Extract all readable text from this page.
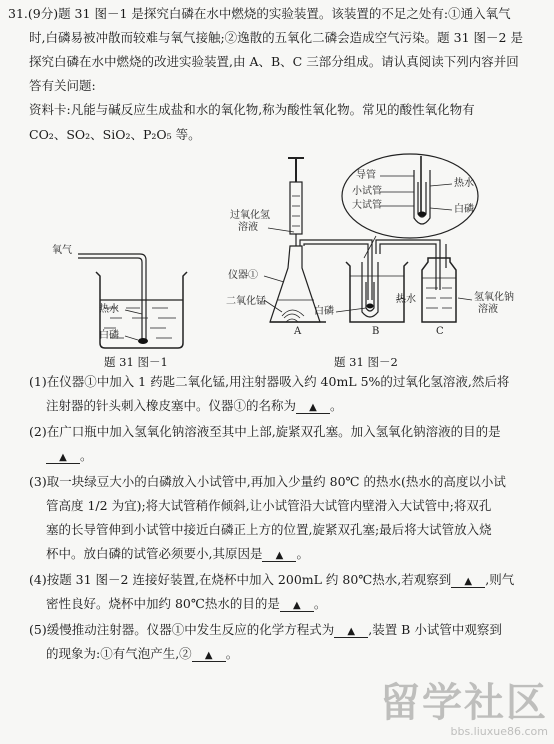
31.(9分)题 31 图－1 是探究白磷在水中燃烧的实验装置。该装置的不足之处有:①通入氧气
时,白磷易被冲散而较难与氧气接触;②逸散的五氧化二磷会造成空气污染。题 31 图－2 是
探究白磷在水中燃烧的改进实验装置,由 A、B、C 三部分组成。请认真阅读下列内容并回
答有关问题:
资料卡:凡能与碱反应生成盐和水的氧化物,称为酸性氧化物。常见的酸性氧化物有
CO₂、SO₂、SiO₂、P₂O₅ 等。
氧气
热水
白磷
题 31 图－1
过氧化氢
溶液
仪器①
二氧化锰
白磷
热水	氢氧化钠
溶液
A	B	C
导管
小试管
大试管
热水
白磷
题 31 图－2
(1)在仪器①中加入 1 药匙二氧化锰,用注射器吸入约 40mL 5%的过氧化氢溶液,然后将
注射器的针头刺入橡皮塞中。仪器①的名称为 ▲ 。
(2)在广口瓶中加入氢氧化钠溶液至其中上部,旋紧双孔塞。加入氢氧化钠溶液的目的是
▲ 。
(3)取一块绿豆大小的白磷放入小试管中,再加入少量约 80℃ 的热水(热水的高度以小试
管高度 1/2 为宜);将大试管稍作倾斜,让小试管沿大试管内壁滑入大试管中;将双孔
塞的长导管伸到小试管中接近白磷正上方的位置,旋紧双孔塞;最后将大试管放入烧
杯中。放白磷的试管必须要小,其原因是 ▲ 。
(4)按题 31 图－2 连接好装置,在烧杯中加入 200mL 约 80℃热水,若观察到 ▲ ,则气
密性良好。烧杯中加约 80℃热水的目的是 ▲ 。
(5)缓慢推动注射器。仪器①中发生反应的化学方程式为 ▲ ,装置 B 小试管中观察到
的现象为:①有气泡产生,② ▲ 。
留学社区
bbs.liuxue86.com
